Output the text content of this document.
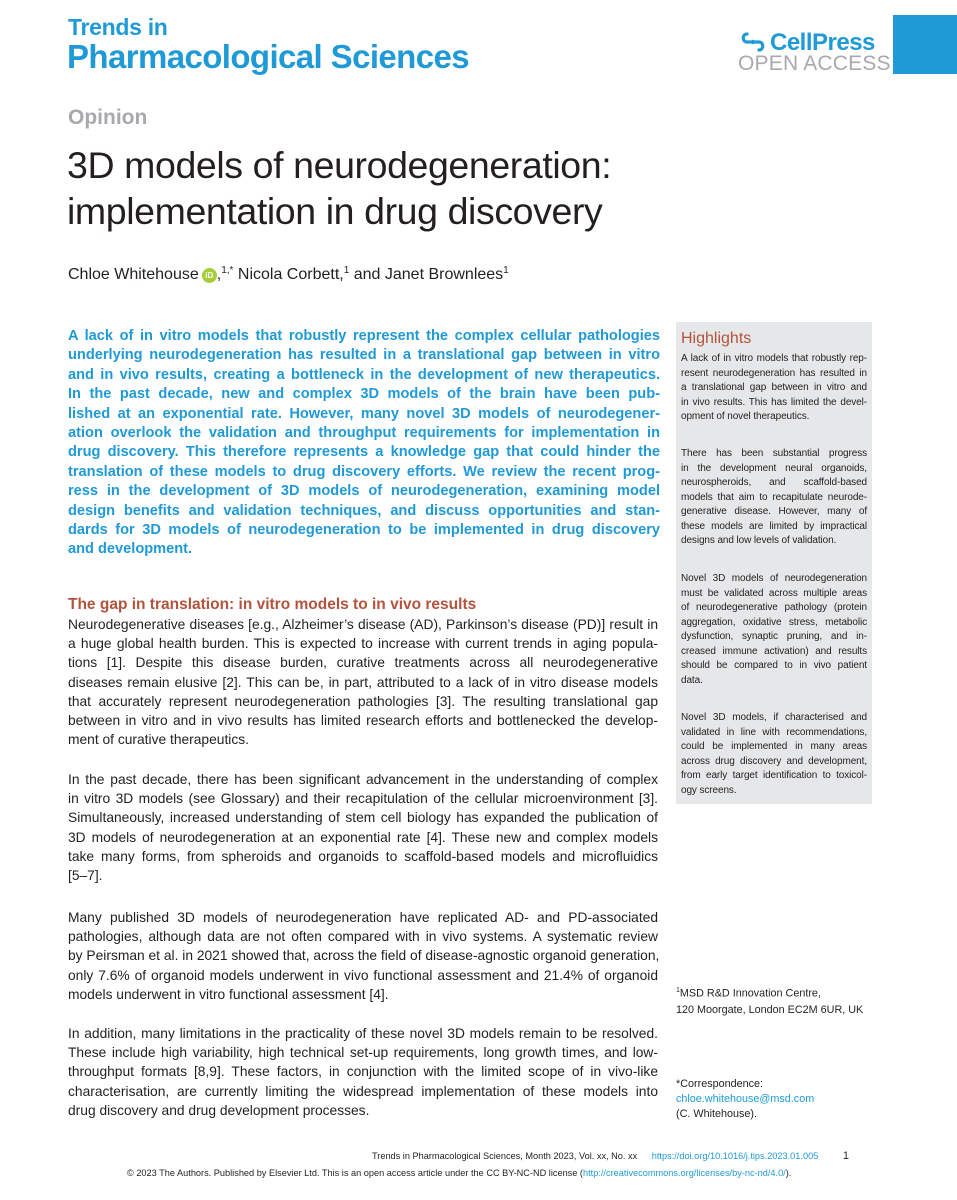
Trends in
Pharmacological Sciences	CellPress
OPEN ACCESS
Opinion
3D models of neurodegeneration:
implementation in drug discovery
Chloe Whitehouse iD ,$^{1,*}$ Nicola Corbett,$^1$ and Janet Brownlees$^1$
A lack of in vitro models that robustly represent the complex cellular pathologies
underlying neurodegeneration has resulted in a translational gap between in vitro
and in vivo results, creating a bottleneck in the development of new therapeutics.
In the past decade, new and complex 3D models of the brain have been pub-
lished at an exponential rate. However, many novel 3D models of neurodegener-
ation overlook the validation and throughput requirements for implementation in
drug discovery. This therefore represents a knowledge gap that could hinder the
translation of these models to drug discovery efforts. We review the recent prog-
ress in the development of 3D models of neurodegeneration, examining model
design benefits and validation techniques, and discuss opportunities and stan-
dards for 3D models of neurodegeneration to be implemented in drug discovery
and development.
Highlights
A lack of in vitro models that robustly rep-
resent neurodegeneration has resulted in
a translational gap between in vitro and
in vivo results. This has limited the devel-
opment of novel therapeutics.
There has been substantial progress
in the development neural organoids,
neurospheroids, and scaffold-based
models that aim to recapitulate neurode-
generative disease. However, many of
these models are limited by impractical
designs and low levels of validation.
Novel 3D models of neurodegeneration
must be validated across multiple areas
of neurodegenerative pathology (protein
aggregation, oxidative stress, metabolic
dysfunction, synaptic pruning, and in-
creased immune activation) and results
should be compared to in vivo patient
data.
Novel 3D models, if characterised and
validated in line with recommendations,
could be implemented in many areas
across drug discovery and development,
from early target identification to toxicol-
ogy screens.
The gap in translation: in vitro models to in vivo results
Neurodegenerative diseases [e.g., Alzheimer’s disease (AD), Parkinson’s disease (PD)] result in
a huge global health burden. This is expected to increase with current trends in aging popula-
tions [1]. Despite this disease burden, curative treatments across all neurodegenerative
diseases remain elusive [2]. This can be, in part, attributed to a lack of in vitro disease models
that accurately represent neurodegeneration pathologies [3]. The resulting translational gap
between in vitro and in vivo results has limited research efforts and bottlenecked the develop-
ment of curative therapeutics.
In the past decade, there has been significant advancement in the understanding of complex
in vitro 3D models (see Glossary) and their recapitulation of the cellular microenvironment [3].
Simultaneously, increased understanding of stem cell biology has expanded the publication of
3D models of neurodegeneration at an exponential rate [4]. These new and complex models
take many forms, from spheroids and organoids to scaffold-based models and microfluidics
[5–7].
Many published 3D models of neurodegeneration have replicated AD- and PD-associated
pathologies, although data are not often compared with in vivo systems. A systematic review
by Peirsman et al. in 2021 showed that, across the field of disease-agnostic organoid generation,
only 7.6% of organoid models underwent in vivo functional assessment and 21.4% of organoid
models underwent in vitro functional assessment [4].
In addition, many limitations in the practicality of these novel 3D models remain to be resolved.
These include high variability, high technical set-up requirements, long growth times, and low-
throughput formats [8,9]. These factors, in conjunction with the limited scope of in vivo-like
characterisation, are currently limiting the widespread implementation of these models into
drug discovery and drug development processes.
$^1$MSD R&D Innovation Centre,
120 Moorgate, London EC2M 6UR, UK
*Correspondence:
chloe.whitehouse@msd.com
(C. Whitehouse).
Trends in Pharmacological Sciences, Month 2023, Vol. xx, No. xx https://doi.org/10.1016/j.tips.2023.01.005 1
© 2023 The Authors. Published by Elsevier Ltd. This is an open access article under the CC BY-NC-ND license (http://creativecommons.org/licenses/by-nc-nd/4.0/).
